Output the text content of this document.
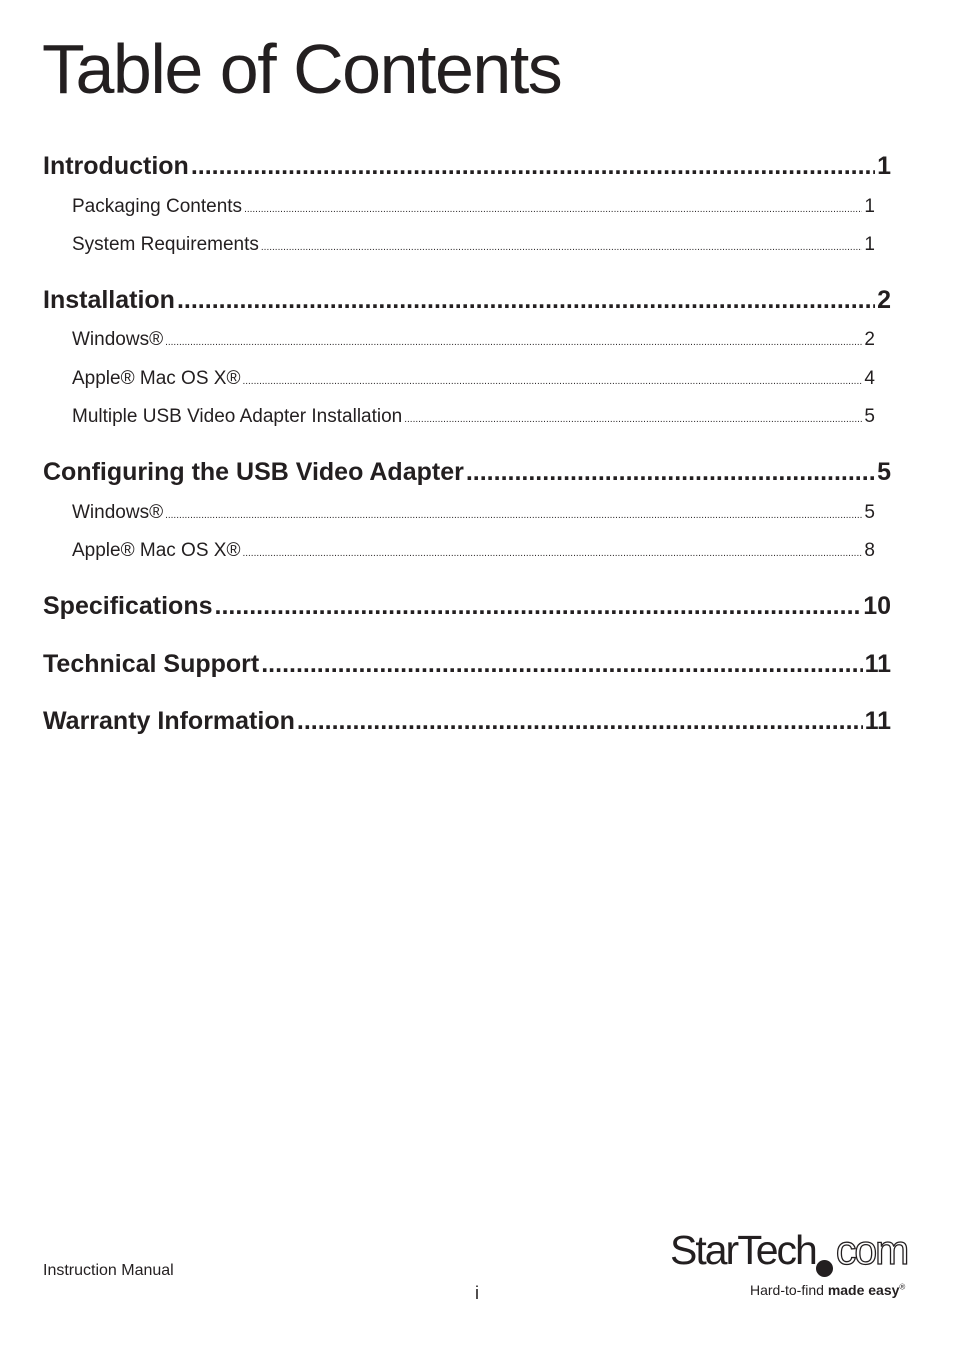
Table of Contents
Introduction .....	1
Packaging Contents .....	1
System Requirements .....	1
Installation .....	2
Windows® .....	2
Apple® Mac OS X® .....	4
Multiple USB Video Adapter Installation .....	5
Configuring the USB Video Adapter .....	5
Windows® .....	5
Apple® Mac OS X® .....	8
Specifications .....	10
Technical Support .....	11
Warranty Information .....	11
Instruction Manual
i
StarTech com
Hard-to-find made easy®
